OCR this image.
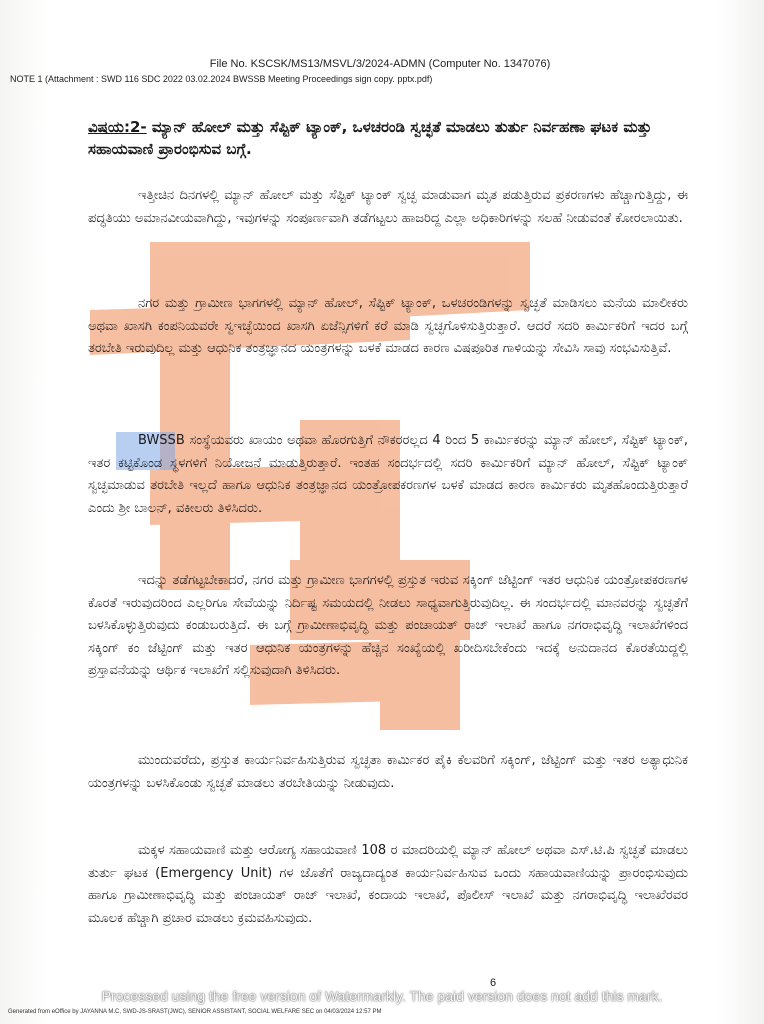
File No. KSCSK/MS13/MSVL/3/2024-ADMN (Computer No. 1347076)
NOTE 1 (Attachment : SWD 116 SDC 2022 03.02.2024 BWSSB Meeting Proceedings sign copy. pptx.pdf)
ವಿಷಯ:2- ಮ್ಯಾನ್ ಹೋಲ್ ಮತ್ತು ಸೆಪ್ಟಿಕ್ ಟ್ಯಾಂಕ್, ಒಳಚರಂಡಿ ಸ್ವಚ್ಛತೆ ಮಾಡಲು ತುರ್ತು ನಿರ್ವಹಣಾ ಘಟಕ ಮತ್ತು ಸಹಾಯವಾಣಿ ಪ್ರಾರಂಭಿಸುವ ಬಗ್ಗೆ.

ಇತ್ತೀಚಿನ ದಿನಗಳಲ್ಲಿ ಮ್ಯಾನ್ ಹೋಲ್ ಮತ್ತು ಸೆಪ್ಟಿಕ್ ಟ್ಯಾಂಕ್ ಸ್ವಚ್ಛ ಮಾಡುವಾಗ ಮೃತ ಪಡುತ್ತಿರುವ ಪ್ರಕರಣಗಳು ಹೆಚ್ಚಾಗುತ್ತಿದ್ದು, ಈ ಪದ್ಧತಿಯು ಅಮಾನವೀಯವಾಗಿದ್ದು, ಇವುಗಳನ್ನು ಸಂಪೂರ್ಣವಾಗಿ ತಡೆಗಟ್ಟಲು ಹಾಜರಿದ್ದ ಎಲ್ಲಾ ಅಧಿಕಾರಿಗಳನ್ನು ಸಲಹೆ ನೀಡುವಂತೆ ಕೋರಲಾಯಿತು.

ನಗರ ಮತ್ತು ಗ್ರಾಮೀಣ ಭಾಗಗಳಲ್ಲಿ ಮ್ಯಾನ್ ಹೋಲ್, ಸೆಪ್ಟಿಕ್ ಟ್ಯಾಂಕ್, ಒಳಚರಂಡಿಗಳನ್ನು ಸ್ವಚ್ಛತೆ ಮಾಡಿಸಲು ಮನೆಯ ಮಾಲೀಕರು ಅಥವಾ ಖಾಸಗಿ ಕಂಪನಿಯವರೇ ಸ್ವಇಚ್ಛೆಯಿಂದ ಖಾಸಗಿ ಏಜೆನ್ಸಿಗಳಿಗೆ ಕರೆ ಮಾಡಿ ಸ್ವಚ್ಛಗೊಳಿಸುತ್ತಿರುತ್ತಾರೆ. ಆದರೆ ಸದರಿ ಕಾರ್ಮಿಕರಿಗೆ ಇದರ ಬಗ್ಗೆ ತರಬೇತಿ ಇರುವುದಿಲ್ಲ ಮತ್ತು ಆಧುನಿಕ ತಂತ್ರಜ್ಞಾನದ ಯಂತ್ರಗಳನ್ನು ಬಳಕೆ ಮಾಡದ ಕಾರಣ ವಿಷಪೂರಿತ ಗಾಳಿಯನ್ನು ಸೇವಿಸಿ ಸಾವು ಸಂಭವಿಸುತ್ತಿವೆ.

BWSSB ಸಂಸ್ಥೆಯವರು ಖಾಯಂ ಅಥವಾ ಹೊರಗುತ್ತಿಗೆ ನೌಕರರಲ್ಲದ 4 ರಿಂದ 5 ಕಾರ್ಮಿಕರನ್ನು ಮ್ಯಾನ್ ಹೋಲ್, ಸೆಪ್ಟಿಕ್ ಟ್ಯಾಂಕ್, ಇತರ ಕಟ್ಟಿಕೊಂಡ ಸ್ಥಳಗಳಿಗೆ ನಿಯೋಜನೆ ಮಾಡುತ್ತಿರುತ್ತಾರೆ. ಇಂತಹ ಸಂದರ್ಭದಲ್ಲಿ ಸದರಿ ಕಾರ್ಮಿಕರಿಗೆ ಮ್ಯಾನ್ ಹೋಲ್, ಸೆಪ್ಟಿಕ್ ಟ್ಯಾಂಕ್ ಸ್ವಚ್ಛಮಾಡುವ ತರಬೇತಿ ಇಲ್ಲದೆ ಹಾಗೂ ಆಧುನಿಕ ತಂತ್ರಜ್ಞಾನದ ಯಂತ್ರೋಪಕರಣಗಳ ಬಳಕೆ ಮಾಡದ ಕಾರಣ ಕಾರ್ಮಿಕರು ಮೃತಹೊಂದುತ್ತಿರುತ್ತಾರೆ ಎಂದು ಶ್ರೀ ಬಾಲನ್, ವಕೀಲರು ತಿಳಿಸಿದರು.

ಇದನ್ನು ತಡೆಗಟ್ಟಬೇಕಾದರೆ, ನಗರ ಮತ್ತು ಗ್ರಾಮೀಣ ಭಾಗಗಳಲ್ಲಿ ಪ್ರಸ್ತುತ ಇರುವ ಸಕ್ಕಿಂಗ್ ಜೆಟ್ಟಿಂಗ್ ಇತರ ಆಧುನಿಕ ಯಂತ್ರೋಪಕರಣಗಳ ಕೊರತೆ ಇರುವುದರಿಂದ ಎಲ್ಲರಿಗೂ ಸೇವೆಯನ್ನು ನಿರ್ದಿಷ್ಟ ಸಮಯದಲ್ಲಿ ನೀಡಲು ಸಾಧ್ಯವಾಗುತ್ತಿರುವುದಿಲ್ಲ. ಈ ಸಂದರ್ಭದಲ್ಲಿ ಮಾನವರನ್ನು ಸ್ವಚ್ಛತೆಗೆ ಬಳಸಿಕೊಳ್ಳುತ್ತಿರುವುದು ಕಂಡುಬರುತ್ತಿದೆ. ಈ ಬಗ್ಗೆ ಗ್ರಾಮೀಣಾಭಿವೃದ್ಧಿ ಮತ್ತು ಪಂಚಾಯತ್ ರಾಜ್ ಇಲಾಖೆ ಹಾಗೂ ನಗರಾಭಿವೃದ್ಧಿ ಇಲಾಖೆಗಳಿಂದ ಸಕ್ಕಿಂಗ್ ಕಂ ಜೆಟ್ಟಿಂಗ್ ಮತ್ತು ಇತರ ಆಧುನಿಕ ಯಂತ್ರಗಳನ್ನು ಹೆಚ್ಚಿನ ಸಂಖ್ಯೆಯಲ್ಲಿ ಖರೀದಿಸಬೇಕೆಂದು ಇದಕ್ಕೆ ಅನುದಾನದ ಕೊರತೆಯಿದ್ದಲ್ಲಿ ಪ್ರಸ್ತಾವನೆಯನ್ನು ಆರ್ಥಿಕ ಇಲಾಖೆಗೆ ಸಲ್ಲಿಸುವುದಾಗಿ ತಿಳಿಸಿದರು.

ಮುಂದುವರೆದು, ಪ್ರಸ್ತುತ ಕಾರ್ಯನಿರ್ವಹಿಸುತ್ತಿರುವ ಸ್ವಚ್ಛತಾ ಕಾರ್ಮಿಕರ ಪೈಕಿ ಕೆಲವರಿಗೆ ಸಕ್ಕಿಂಗ್, ಜೆಟ್ಟಿಂಗ್ ಮತ್ತು ಇತರ ಅತ್ಯಾಧುನಿಕ ಯಂತ್ರಗಳನ್ನು ಬಳಸಿಕೊಂಡು ಸ್ವಚ್ಛತೆ ಮಾಡಲು ತರಬೇತಿಯನ್ನು ನೀಡುವುದು.

ಮಕ್ಕಳ ಸಹಾಯವಾಣಿ ಮತ್ತು ಆರೋಗ್ಯ ಸಹಾಯವಾಣಿ 108 ರ ಮಾದರಿಯಲ್ಲಿ ಮ್ಯಾನ್ ಹೋಲ್ ಅಥವಾ ಎಸ್.ಟಿ.ಪಿ ಸ್ವಚ್ಛತೆ ಮಾಡಲು ತುರ್ತು ಘಟಕ (Emergency Unit) ಗಳ ಜೊತೆಗೆ ರಾಜ್ಯದಾದ್ಯಂತ ಕಾರ್ಯನಿರ್ವಹಿಸುವ ಒಂದು ಸಹಾಯವಾಣಿಯನ್ನು ಪ್ರಾರಂಭಿಸುವುದು ಹಾಗೂ ಗ್ರಾಮೀಣಾಭಿವೃದ್ಧಿ ಮತ್ತು ಪಂಚಾಯತ್ ರಾಜ್ ಇಲಾಖೆ, ಕಂದಾಯ ಇಲಾಖೆ, ಪೊಲೀಸ್ ಇಲಾಖೆ ಮತ್ತು ನಗರಾಭಿವೃದ್ಧಿ ಇಲಾಖೆರವರ ಮೂಲಕ ಹೆಚ್ಚಾಗಿ ಪ್ರಚಾರ ಮಾಡಲು ಕ್ರಮವಹಿಸುವುದು.

6
Processed using the free version of Watermarkly. The paid version does not add this mark.
Generated from eOffice by JAYANNA M.C, SWD-JS-SRAST(JWC), SENIOR ASSISTANT, SOCIAL WELFARE SEC on 04/03/2024 12:57 PM
